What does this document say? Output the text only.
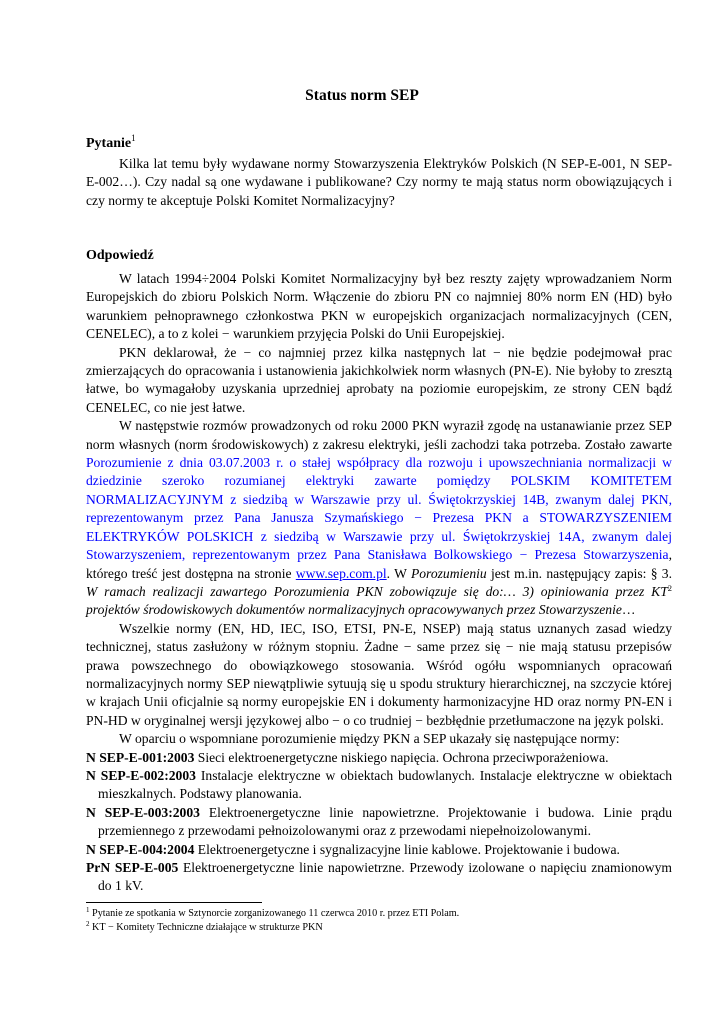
Status norm SEP
Pytanie$^1$

Kilka lat temu były wydawane normy Stowarzyszenia Elektryków Polskich (N SEP-E-001, N SEP-E-002…). Czy nadal są one wydawane i publikowane? Czy normy te mają status norm obowiązujących i czy normy te akceptuje Polski Komitet Normalizacyjny?

Odpowiedź

W latach 1994÷2004 Polski Komitet Normalizacyjny był bez reszty zajęty wprowadzaniem Norm Europejskich do zbioru Polskich Norm. Włączenie do zbioru PN co najmniej 80% norm EN (HD) było warunkiem pełnoprawnego członkostwa PKN w europejskich organizacjach normalizacyjnych (CEN, CENELEC), a to z kolei − warunkiem przyjęcia Polski do Unii Europejskiej.

PKN deklarował, że − co najmniej przez kilka następnych lat − nie będzie podejmował prac zmierzających do opracowania i ustanowienia jakichkolwiek norm własnych (PN-E). Nie byłoby to zresztą łatwe, bo wymagałoby uzyskania uprzedniej aprobaty na poziomie europejskim, ze strony CEN bądź CENELEC, co nie jest łatwe.

W następstwie rozmów prowadzonych od roku 2000 PKN wyraził zgodę na ustanawianie przez SEP norm własnych (norm środowiskowych) z zakresu elektryki, jeśli zachodzi taka potrzeba. Zostało zawarte Porozumienie z dnia 03.07.2003 r. o stałej współpracy dla rozwoju i upowszechniania normalizacji w dziedzinie szeroko rozumianej elektryki zawarte pomiędzy POLSKIM KOMITETEM NORMALIZACYJNYM z siedzibą w Warszawie przy ul. Świętokrzyskiej 14B, zwanym dalej PKN, reprezentowanym przez Pana Janusza Szymańskiego − Prezesa PKN a STOWARZYSZENIEM ELEKTRYKÓW POLSKICH z siedzibą w Warszawie przy ul. Świętokrzyskiej 14A, zwanym dalej Stowarzyszeniem, reprezentowanym przez Pana Stanisława Bolkowskiego − Prezesa Stowarzyszenia, którego treść jest dostępna na stronie www.sep.com.pl. W Porozumieniu jest m.in. następujący zapis: § 3. W ramach realizacji zawartego Porozumienia PKN zobowiązuje się do:… 3) opiniowania przez KT$^2$ projektów środowiskowych dokumentów normalizacyjnych opracowywanych przez Stowarzyszenie…

Wszelkie normy (EN, HD, IEC, ISO, ETSI, PN-E, NSEP) mają status uznanych zasad wiedzy technicznej, status zasłużony w różnym stopniu. Żadne − same przez się − nie mają statusu przepisów prawa powszechnego do obowiązkowego stosowania. Wśród ogółu wspomnianych opracowań normalizacyjnych normy SEP niewątpliwie sytuują się u spodu struktury hierarchicznej, na szczycie której w krajach Unii oficjalnie są normy europejskie EN i dokumenty harmonizacyjne HD oraz normy PN-EN i PN-HD w oryginalnej wersji językowej albo − o co trudniej − bezbłędnie przetłumaczone na język polski.

W oparciu o wspomniane porozumienie między PKN a SEP ukazały się następujące normy:

N SEP-E-001:2003 Sieci elektroenergetyczne niskiego napięcia. Ochrona przeciwporażeniowa.

N SEP-E-002:2003 Instalacje elektryczne w obiektach budowlanych. Instalacje elektryczne w obiektach mieszkalnych. Podstawy planowania.

N SEP-E-003:2003 Elektroenergetyczne linie napowietrzne. Projektowanie i budowa. Linie prądu przemiennego z przewodami pełnoizolowanymi oraz z przewodami niepełnoizolowanymi.

N SEP-E-004:2004 Elektroenergetyczne i sygnalizacyjne linie kablowe. Projektowanie i budowa.

PrN SEP-E-005 Elektroenergetyczne linie napowietrzne. Przewody izolowane o napięciu znamionowym do 1 kV.

$^1$ Pytanie ze spotkania w Sztynorcie zorganizowanego 11 czerwca 2010 r. przez ETI Polam.

$^2$ KT − Komitety Techniczne działające w strukturze PKN
